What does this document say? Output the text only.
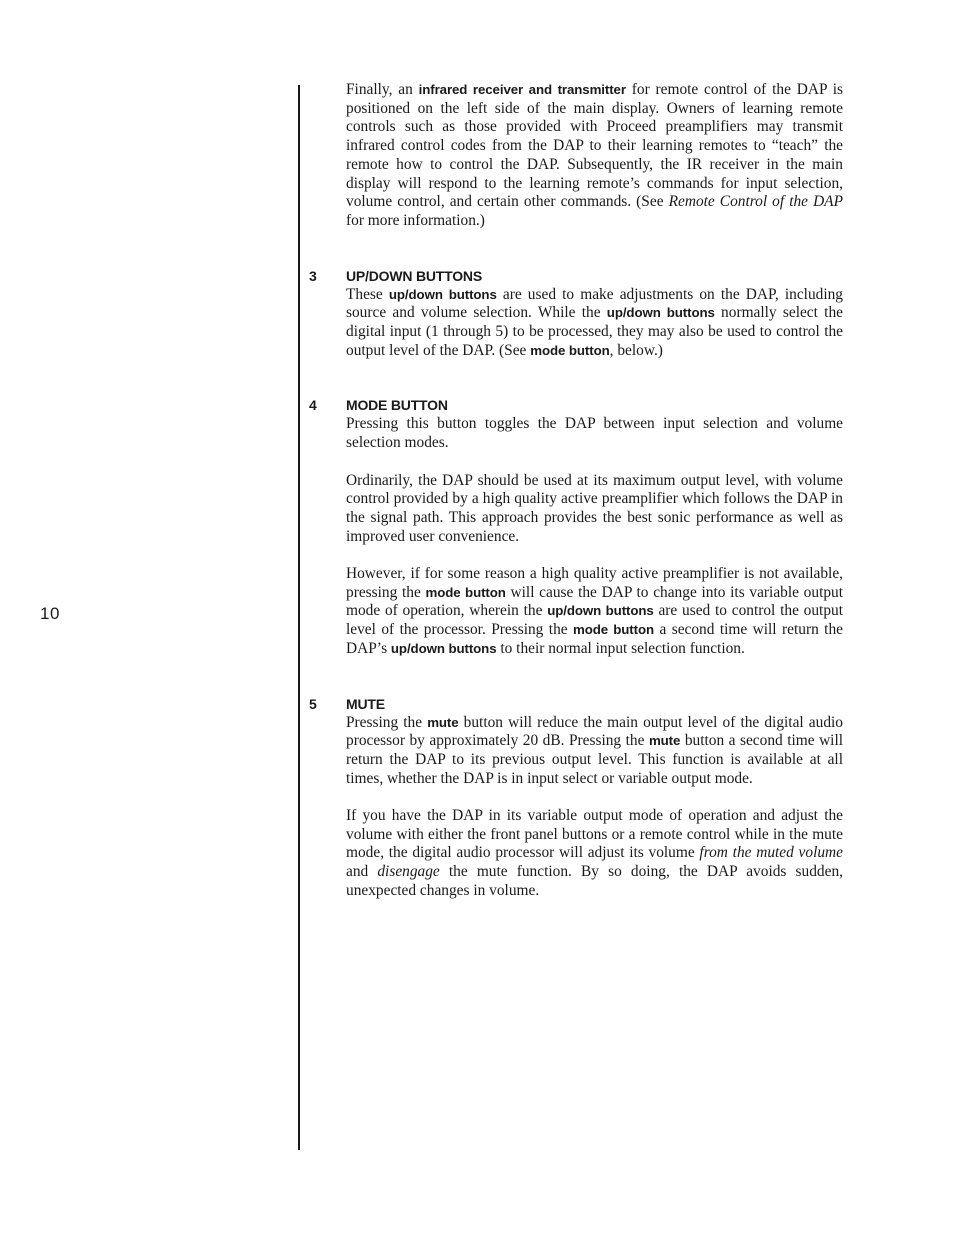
10

Finally, an infrared receiver and transmitter for remote control of the DAP is positioned on the left side of the main display. Owners of learning remote controls such as those provided with Proceed preamplifiers may transmit infrared control codes from the DAP to their learning remotes to “teach” the remote how to control the DAP. Subsequently, the IR receiver in the main display will respond to the learning remote’s commands for input selection, volume control, and certain other commands. (See Remote Control of the DAP for more information.)

3 UP/DOWN BUTTONS

These up/down buttons are used to make adjustments on the DAP, including source and volume selection. While the up/down buttons normally select the digital input (1 through 5) to be processed, they may also be used to control the output level of the DAP. (See mode button, below.)

4 MODE BUTTON

Pressing this button toggles the DAP between input selection and volume selection modes.

Ordinarily, the DAP should be used at its maximum output level, with volume control provided by a high quality active preamplifier which follows the DAP in the signal path. This approach provides the best sonic performance as well as improved user convenience.

However, if for some reason a high quality active preamplifier is not available, pressing the mode button will cause the DAP to change into its variable output mode of operation, wherein the up/down buttons are used to control the output level of the processor. Pressing the mode button a second time will return the DAP’s up/down buttons to their normal input selection function.

5 MUTE

Pressing the mute button will reduce the main output level of the digital audio processor by approximately 20 dB. Pressing the mute button a second time will return the DAP to its previous output level. This function is available at all times, whether the DAP is in input select or variable output mode.

If you have the DAP in its variable output mode of operation and adjust the volume with either the front panel buttons or a remote control while in the mute mode, the digital audio processor will adjust its volume from the muted volume and disengage the mute function. By so doing, the DAP avoids sudden, unexpected changes in volume.
